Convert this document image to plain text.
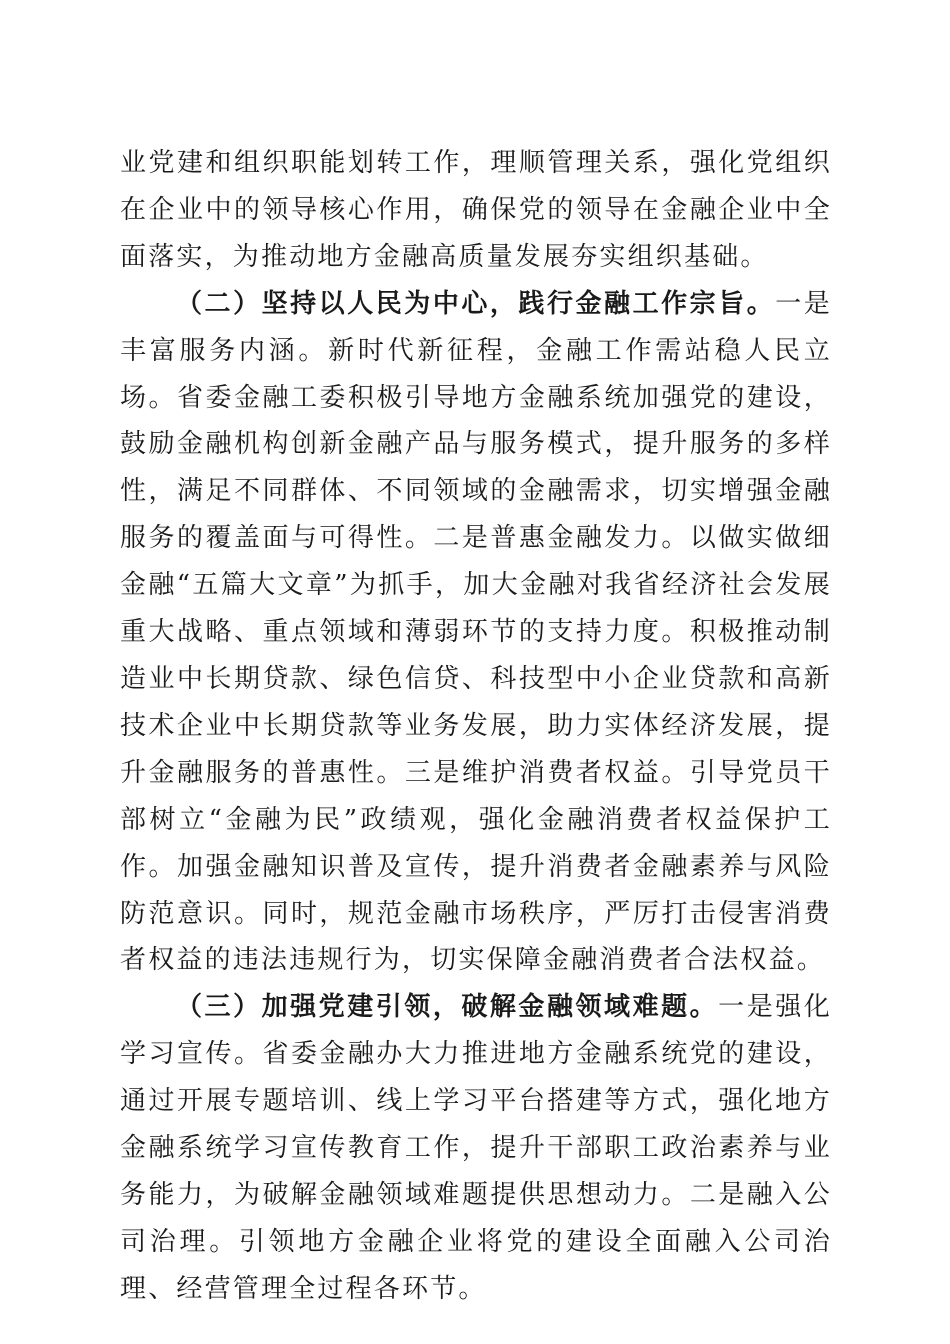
业党建和组织职能划转工作，理顺管理关系，强化党组织在企业中的领导核心作用，确保党的领导在金融企业中全面落实，为推动地方金融高质量发展夯实组织基础。

（二）坚持以人民为中心，践行金融工作宗旨。一是丰富服务内涵。新时代新征程，金融工作需站稳人民立场。省委金融工委积极引导地方金融系统加强党的建设，鼓励金融机构创新金融产品与服务模式，提升服务的多样性，满足不同群体、不同领域的金融需求，切实增强金融服务的覆盖面与可得性。二是普惠金融发力。以做实做细金融“五篇大文章”为抓手，加大金融对我省经济社会发展重大战略、重点领域和薄弱环节的支持力度。积极推动制造业中长期贷款、绿色信贷、科技型中小企业贷款和高新技术企业中长期贷款等业务发展，助力实体经济发展，提升金融服务的普惠性。三是维护消费者权益。引导党员干部树立“金融为民”政绩观，强化金融消费者权益保护工作。加强金融知识普及宣传，提升消费者金融素养与风险防范意识。同时，规范金融市场秩序，严厉打击侵害消费者权益的违法违规行为，切实保障金融消费者合法权益。

（三）加强党建引领，破解金融领域难题。一是强化学习宣传。省委金融办大力推进地方金融系统党的建设，通过开展专题培训、线上学习平台搭建等方式，强化地方金融系统学习宣传教育工作，提升干部职工政治素养与业务能力，为破解金融领域难题提供思想动力。二是融入公司治理。引领地方金融企业将党的建设全面融入公司治理、经营管理全过程各环节。
